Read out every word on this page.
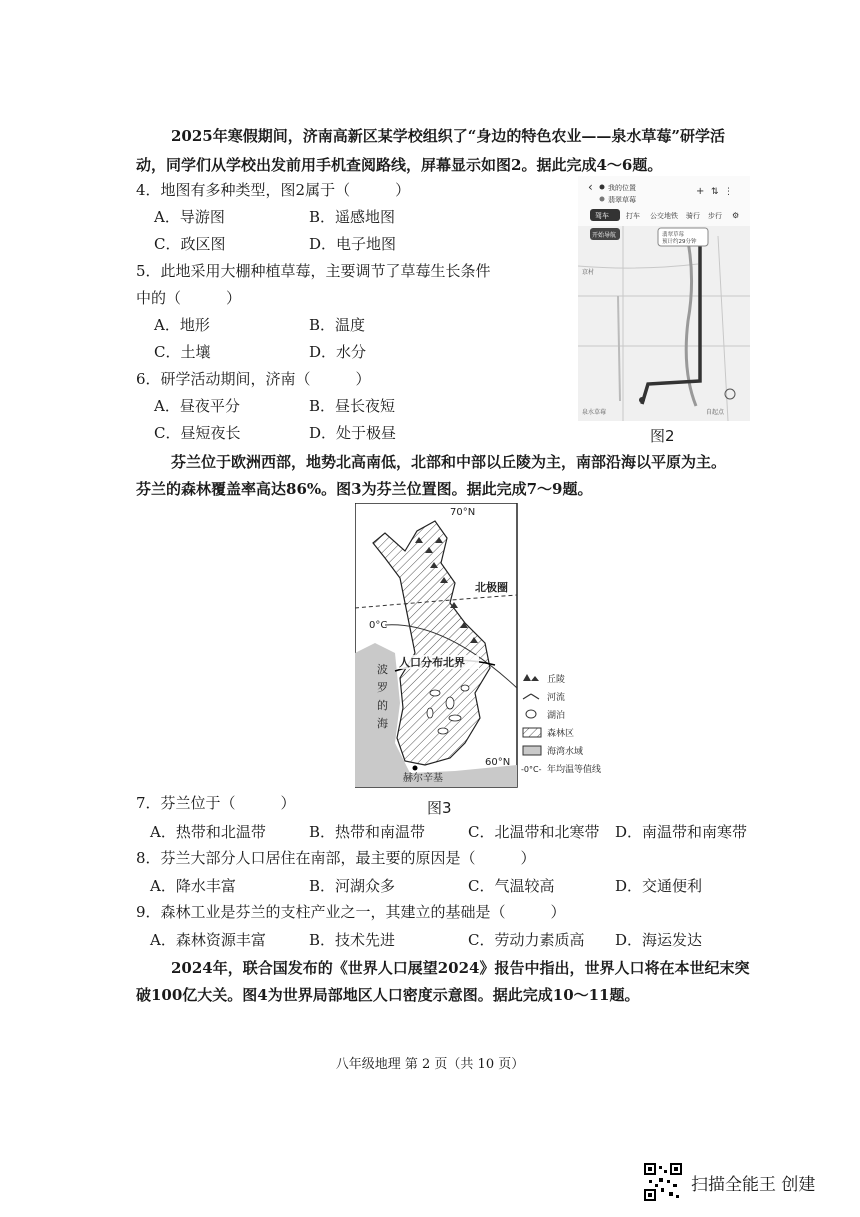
2025年寒假期间，济南高新区某学校组织了“身边的特色农业——泉水草莓”研学活
动，同学们从学校出发前用手机查阅路线，屏幕显示如图2。据此完成4～6题。
4．地图有多种类型，图2属于（　　　）
A．导游图	B．遥感地图
C．政区图	D．电子地图
5．此地采用大棚种植草莓，主要调节了草莓生长条件
中的（　　　）
A．地形	B．温度
C．土壤	D．水分
6．研学活动期间，济南（　　　）
A．昼夜平分	B．昼长夜短
C．昼短夜长	D．处于极昼
‹ 我的位置
翡翠草莓
+ ⇅ ⋮
驾车 打车 公交地铁 骑行 步行 ⚙
开始导航	翡翠草莓
预计约29分钟
京村
泉水草莓	自起点
图2
芬兰位于欧洲西部，地势北高南低，北部和中部以丘陵为主，南部沿海以平原为主。
芬兰的森林覆盖率高达86%。图3为芬兰位置图。据此完成7～9题。
北极圈
0°C
人口分布北界
70°N
60°N
波
罗
的
海
赫尔辛基
丘陵
河流
湖泊
森林区
海湾水域
-0°C- 年均温等值线
图3
7．芬兰位于（　　　）
A．热带和北温带	B．热带和南温带	C．北温带和北寒带 D．南温带和南寒带
8．芬兰大部分人口居住在南部，最主要的原因是（　　　）
A．降水丰富	B．河湖众多	C．气温较高	D．交通便利
9．森林工业是芬兰的支柱产业之一，其建立的基础是（　　　）
A．森林资源丰富	B．技术先进	C．劳动力素质高 D．海运发达
2024年，联合国发布的《世界人口展望2024》报告中指出，世界人口将在本世纪末突
破100亿大关。图4为世界局部地区人口密度示意图。据此完成10～11题。
八年级地理 第 2 页（共 10 页）
扫描全能王 创建
